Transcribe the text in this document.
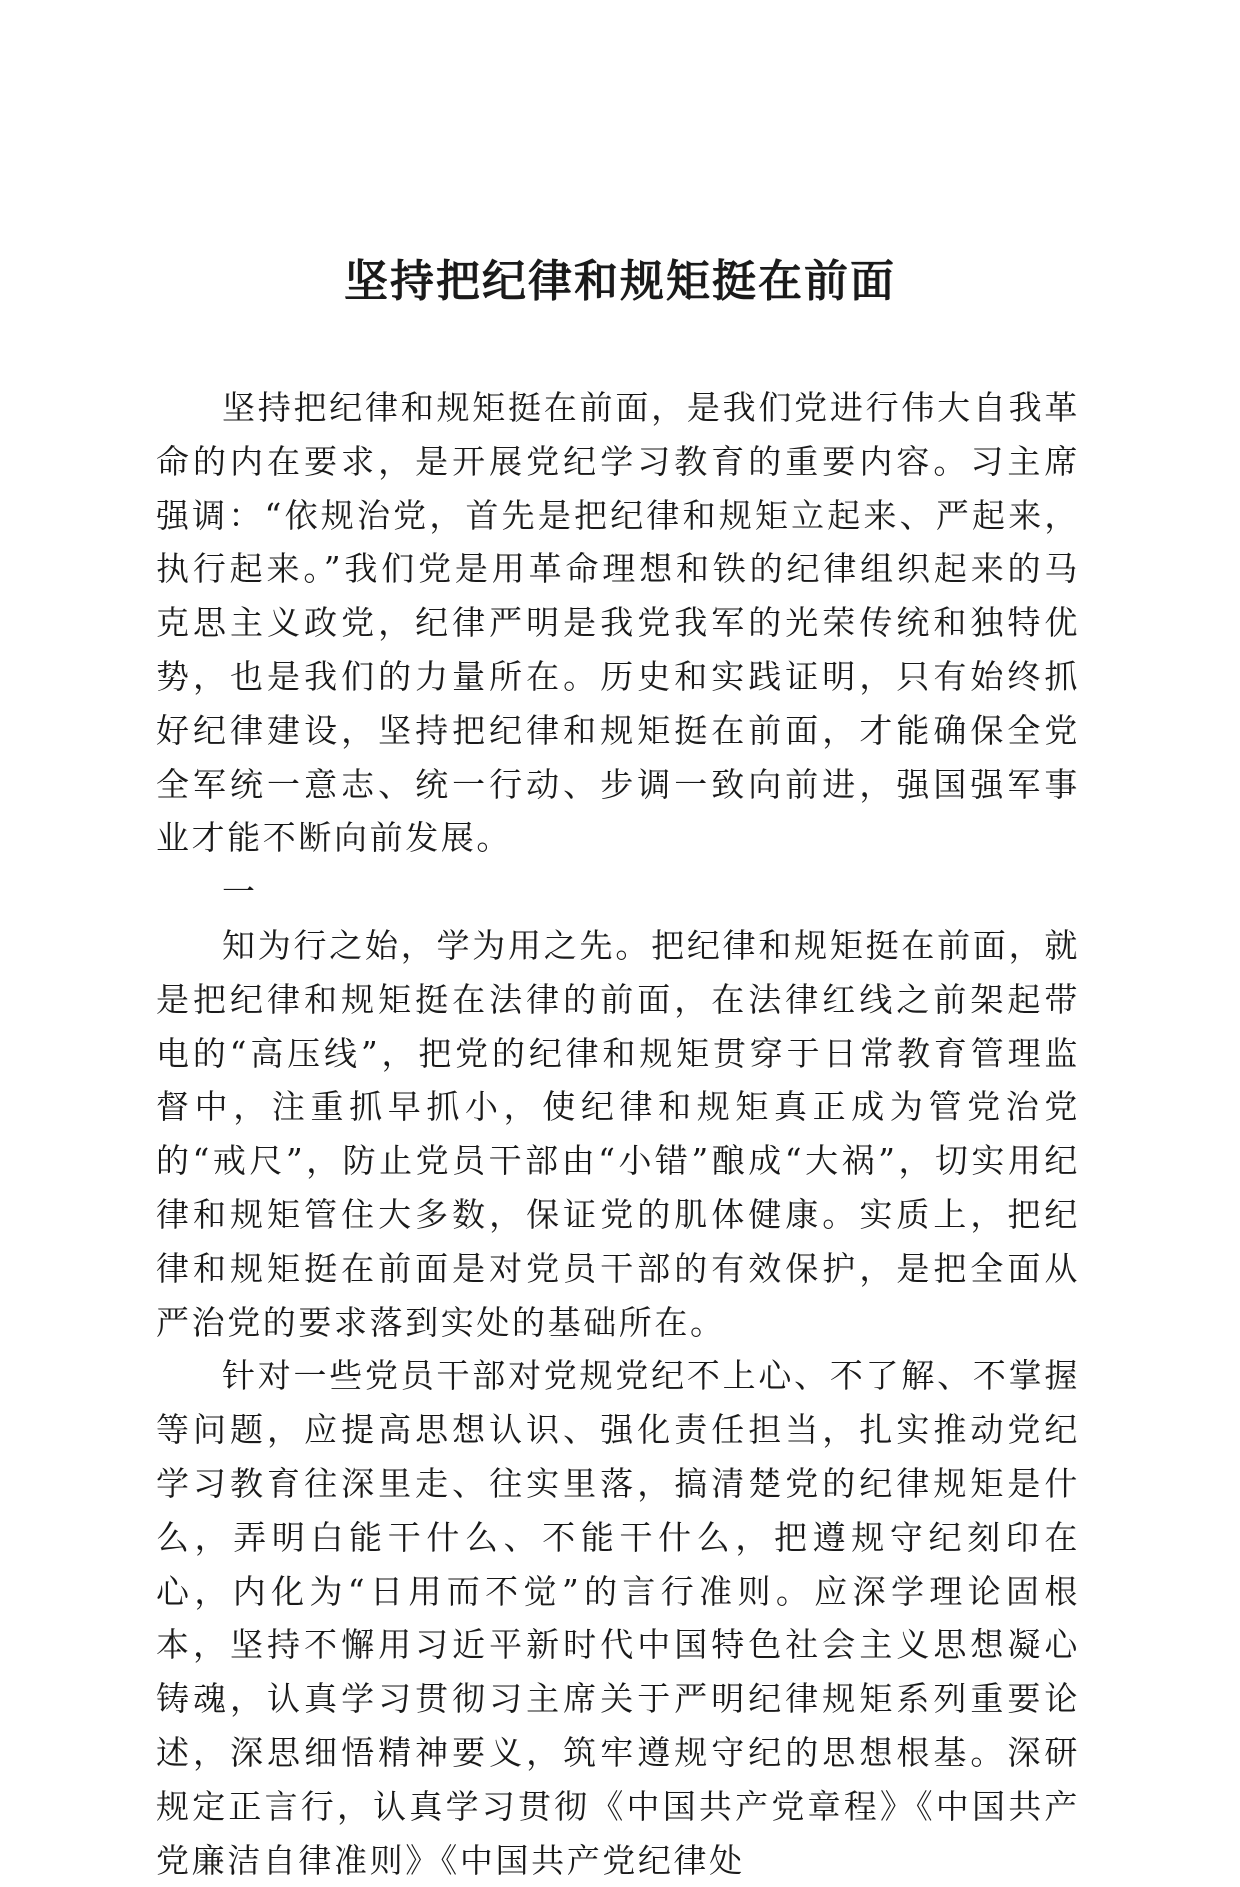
坚持把纪律和规矩挺在前面

坚持把纪律和规矩挺在前面，是我们党进行伟大自我革命的内在要求，是开展党纪学习教育的重要内容。习主席强调：“依规治党，首先是把纪律和规矩立起来、严起来，执行起来。”我们党是用革命理想和铁的纪律组织起来的马克思主义政党，纪律严明是我党我军的光荣传统和独特优势，也是我们的力量所在。历史和实践证明，只有始终抓好纪律建设，坚持把纪律和规矩挺在前面，才能确保全党全军统一意志、统一行动、步调一致向前进，强国强军事业才能不断向前发展。

一

知为行之始，学为用之先。把纪律和规矩挺在前面，就是把纪律和规矩挺在法律的前面，在法律红线之前架起带电的“高压线”，把党的纪律和规矩贯穿于日常教育管理监督中，注重抓早抓小，使纪律和规矩真正成为管党治党的“戒尺”，防止党员干部由“小错”酿成“大祸”，切实用纪律和规矩管住大多数，保证党的肌体健康。实质上，把纪律和规矩挺在前面是对党员干部的有效保护，是把全面从严治党的要求落到实处的基础所在。

针对一些党员干部对党规党纪不上心、不了解、不掌握等问题，应提高思想认识、强化责任担当，扎实推动党纪学习教育往深里走、往实里落，搞清楚党的纪律规矩是什么，弄明白能干什么、不能干什么，把遵规守纪刻印在心，内化为“日用而不觉”的言行准则。应深学理论固根本，坚持不懈用习近平新时代中国特色社会主义思想凝心铸魂，认真学习贯彻习主席关于严明纪律规矩系列重要论述，深思细悟精神要义，筑牢遵规守纪的思想根基。深研规定正言行，认真学习贯彻《中国共产党章程》《中国共产党廉洁自律准则》《中国共产党纪律处
